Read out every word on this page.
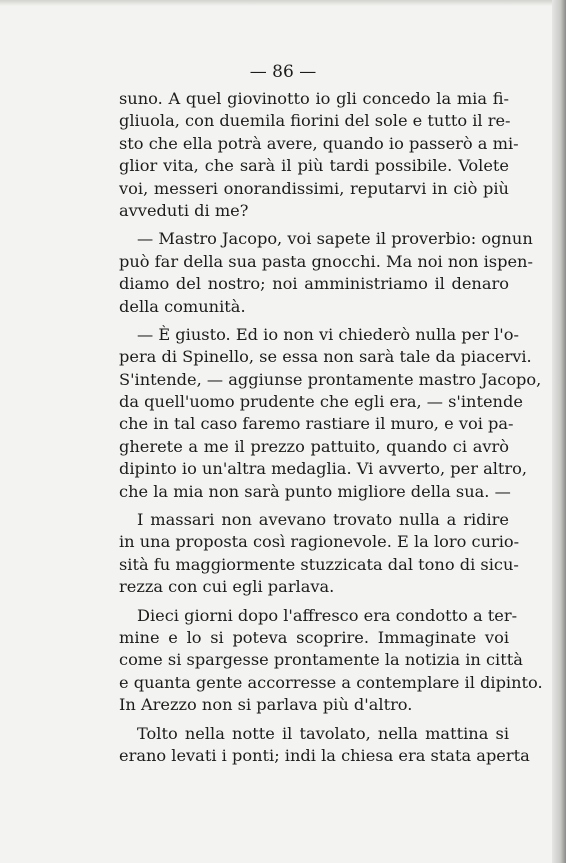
— 86 —
suno. A quel giovinotto io gli concedo la mia fi-
gliuola, con duemila fiorini del sole e tutto il re-
sto che ella potrà avere, quando io passerò a mi-
glior vita, che sarà il più tardi possibile. Volete
voi, messeri onorandissimi, reputarvi in ciò più
avveduti di me?
— Mastro Jacopo, voi sapete il proverbio: ognun
può far della sua pasta gnocchi. Ma noi non ispen-
diamo del nostro; noi amministriamo il denaro
della comunità.
— È giusto. Ed io non vi chiederò nulla per l'o-
pera di Spinello, se essa non sarà tale da piacervi.
S'intende, — aggiunse prontamente mastro Jacopo,
da quell'uomo prudente che egli era, — s'intende
che in tal caso faremo rastiare il muro, e voi pa-
gherete a me il prezzo pattuito, quando ci avrò
dipinto io un'altra medaglia. Vi avverto, per altro,
che la mia non sarà punto migliore della sua. —
I massari non avevano trovato nulla a ridire
in una proposta così ragionevole. E la loro curio-
sità fu maggiormente stuzzicata dal tono di sicu-
rezza con cui egli parlava.
Dieci giorni dopo l'affresco era condotto a ter-
mine e lo si poteva scoprire. Immaginate voi
come si spargesse prontamente la notizia in città
e quanta gente accorresse a contemplare il dipinto.
In Arezzo non si parlava più d'altro.
Tolto nella notte il tavolato, nella mattina si
erano levati i ponti; indi la chiesa era stata aperta
